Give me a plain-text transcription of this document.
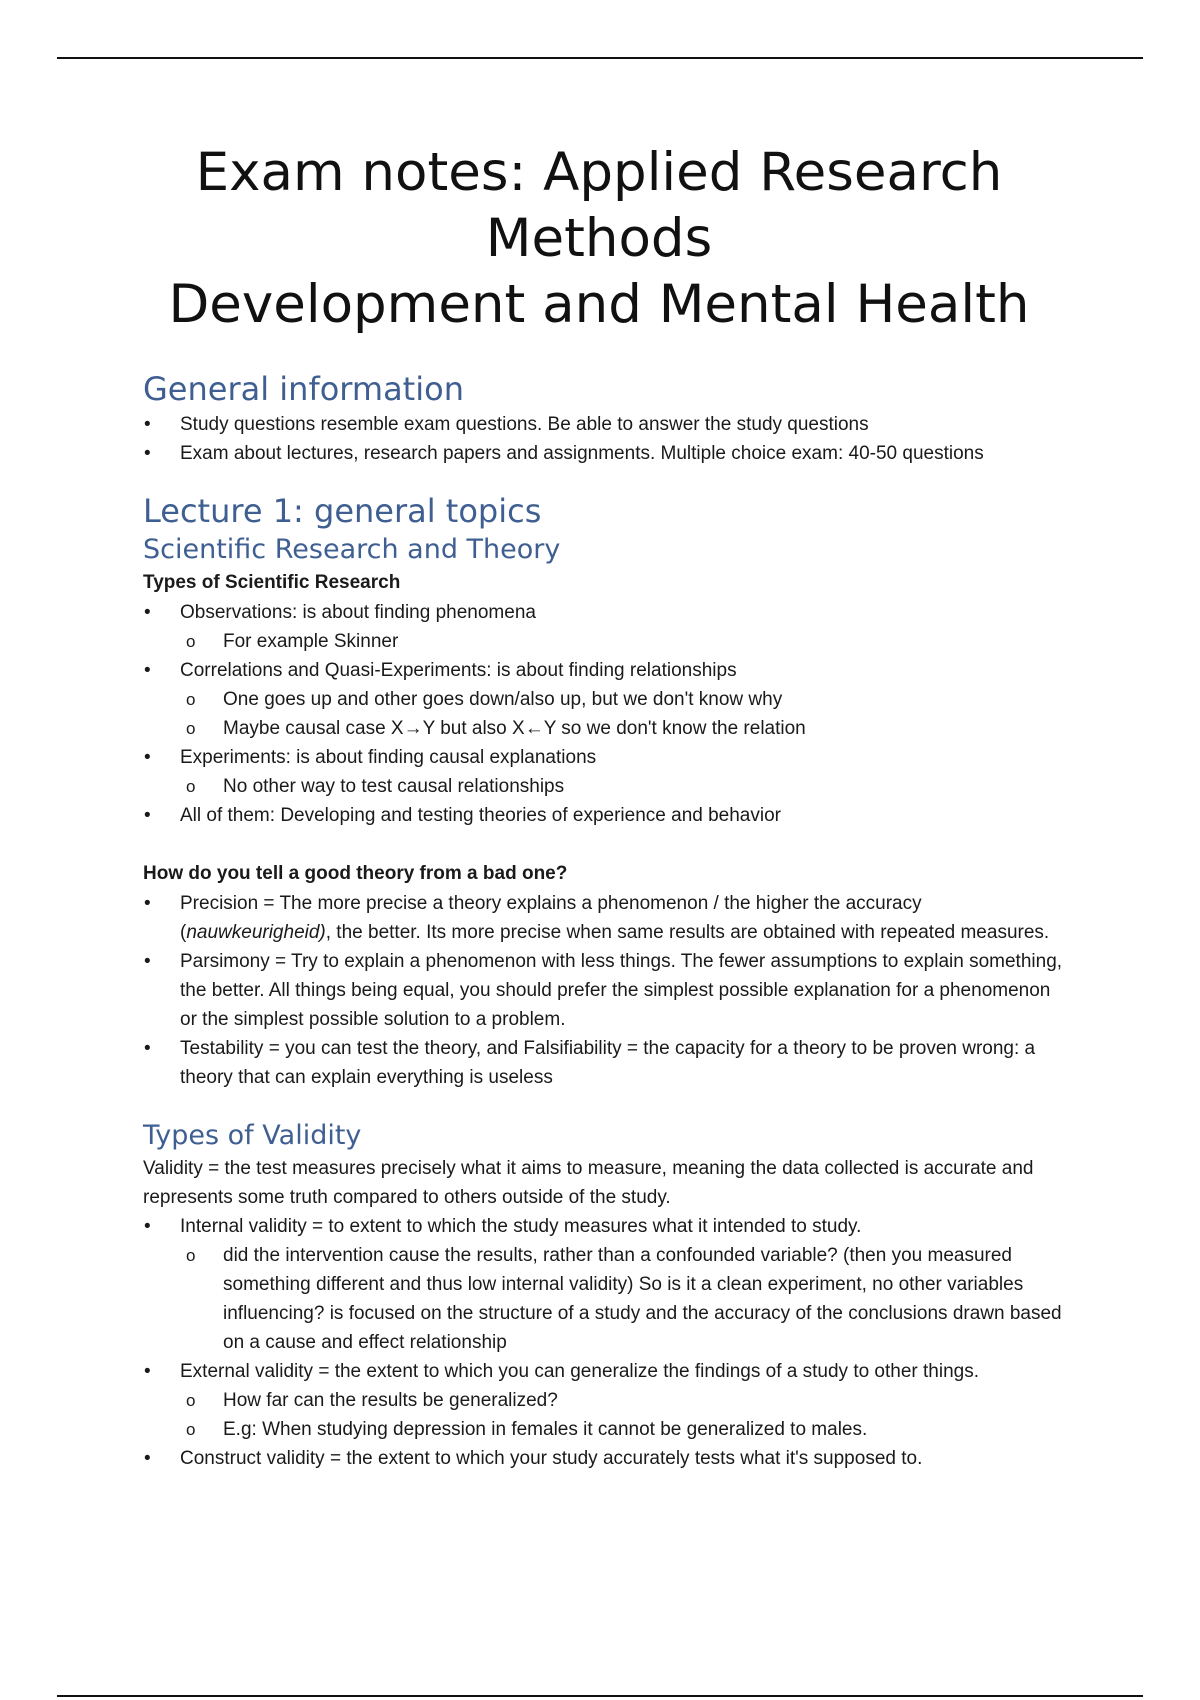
Exam notes: Applied Research
Methods
Development and Mental Health
General information
• Study questions resemble exam questions. Be able to answer the study questions
• Exam about lectures, research papers and assignments. Multiple choice exam: 40-50 questions
Lecture 1: general topics
Scientific Research and Theory

Types of Scientific Research

• Observations: is about finding phenomena
o For example Skinner
• Correlations and Quasi-Experiments: is about finding relationships
o One goes up and other goes down/also up, but we don't know why
o Maybe causal case X→Y but also X←Y so we don't know the relation
• Experiments: is about finding causal explanations
o No other way to test causal relationships
• All of them: Developing and testing theories of experience and behavior

How do you tell a good theory from a bad one?

• Precision = The more precise a theory explains a phenomenon / the higher the accuracy (nauwkeurigheid), the better. Its more precise when same results are obtained with repeated measures.
• Parsimony = Try to explain a phenomenon with less things. The fewer assumptions to explain something, the better. All things being equal, you should prefer the simplest possible explanation for a phenomenon or the simplest possible solution to a problem.
• Testability = you can test the theory, and Falsifiability = the capacity for a theory to be proven wrong: a theory that can explain everything is useless
Types of Validity

Validity = the test measures precisely what it aims to measure, meaning the data collected is accurate and represents some truth compared to others outside of the study.

• Internal validity = to extent to which the study measures what it intended to study.
o did the intervention cause the results, rather than a confounded variable? (then you measured something different and thus low internal validity) So is it a clean experiment, no other variables influencing? is focused on the structure of a study and the accuracy of the conclusions drawn based on a cause and effect relationship
• External validity = the extent to which you can generalize the findings of a study to other things.
o How far can the results be generalized?
o E.g: When studying depression in females it cannot be generalized to males.
• Construct validity = the extent to which your study accurately tests what it's supposed to.
